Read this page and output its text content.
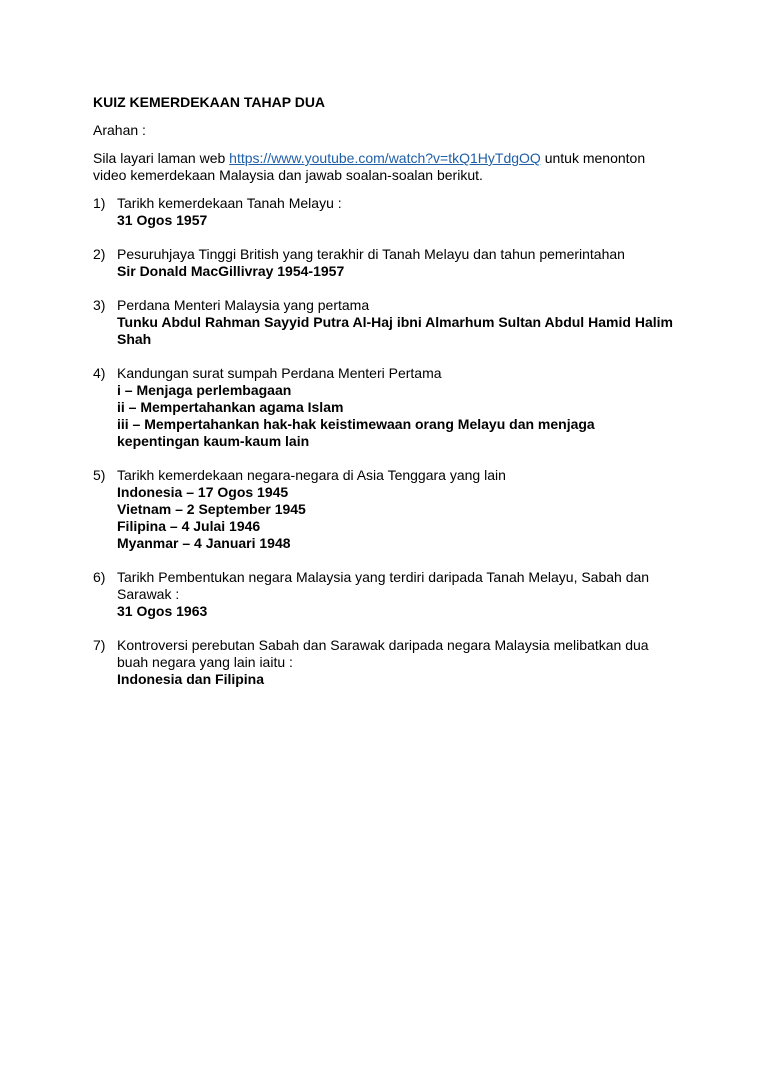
KUIZ KEMERDEKAAN TAHAP DUA
Arahan :
Sila layari laman web https://www.youtube.com/watch?v=tkQ1HyTdgOQ untuk menonton video kemerdekaan Malaysia dan jawab soalan-soalan berikut.
1) Tarikh kemerdekaan Tanah Melayu :
31 Ogos 1957
2) Pesuruhjaya Tinggi British yang terakhir di Tanah Melayu dan tahun pemerintahan
Sir Donald MacGillivray 1954-1957
3) Perdana Menteri Malaysia yang pertama
Tunku Abdul Rahman Sayyid Putra Al-Haj ibni Almarhum Sultan Abdul Hamid Halim Shah
4) Kandungan surat sumpah Perdana Menteri Pertama
i – Menjaga perlembagaan
ii – Mempertahankan agama Islam
iii – Mempertahankan hak-hak keistimewaan orang Melayu dan menjaga kepentingan kaum-kaum lain
5) Tarikh kemerdekaan negara-negara di Asia Tenggara yang lain
Indonesia – 17 Ogos 1945
Vietnam – 2 September 1945
Filipina – 4 Julai 1946
Myanmar – 4 Januari 1948
6) Tarikh Pembentukan negara Malaysia yang terdiri daripada Tanah Melayu, Sabah dan Sarawak :
31 Ogos 1963
7) Kontroversi perebutan Sabah dan Sarawak daripada negara Malaysia melibatkan dua buah negara yang lain iaitu :
Indonesia dan Filipina
